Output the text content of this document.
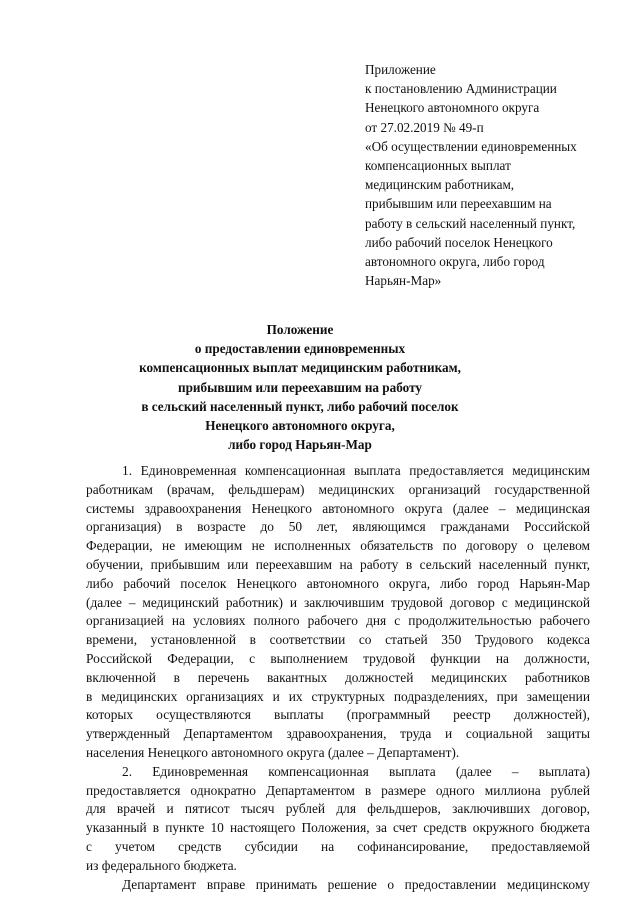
Приложение
к постановлению Администрации
Ненецкого автономного округа
от 27.02.2019 № 49-п
«Об осуществлении единовременных
компенсационных выплат
медицинским работникам,
прибывшим или переехавшим на
работу в сельский населенный пункт,
либо рабочий поселок Ненецкого
автономного округа, либо город
Нарьян-Мар»
Положение
о предоставлении единовременных
компенсационных выплат медицинским работникам,
прибывшим или переехавшим на работу
в сельский населенный пункт, либо рабочий поселок
Ненецкого автономного округа,
либо город Нарьян-Мар
1. Единовременная компенсационная выплата предоставляется медицинским
работникам (врачам, фельдшерам) медицинских организаций государственной
системы здравоохранения Ненецкого автономного округа (далее – медицинская
организация) в возрасте до 50 лет, являющимся гражданами Российской
Федерации, не имеющим не исполненных обязательств по договору о целевом
обучении, прибывшим или переехавшим на работу в сельский населенный пункт,
либо рабочий поселок Ненецкого автономного округа, либо город Нарьян-Мар
(далее – медицинский работник) и заключившим трудовой договор с медицинской
организацией на условиях полного рабочего дня с продолжительностью рабочего
времени, установленной в соответствии со статьей 350 Трудового кодекса
Российской Федерации, с выполнением трудовой функции на должности,
включенной в перечень вакантных должностей медицинских работников
в медицинских организациях и их структурных подразделениях, при замещении
которых осуществляются выплаты (программный реестр должностей),
утвержденный Департаментом здравоохранения, труда и социальной защиты
населения Ненецкого автономного округа (далее – Департамент).
2. Единовременная компенсационная выплата (далее – выплата)
предоставляется однократно Департаментом в размере одного миллиона рублей
для врачей и пятисот тысяч рублей для фельдшеров, заключивших договор,
указанный в пункте 10 настоящего Положения, за счет средств окружного бюджета
с учетом средств субсидии на софинансирование, предоставляемой
из федерального бюджета.
Департамент вправе принимать решение о предоставлении медицинскому
